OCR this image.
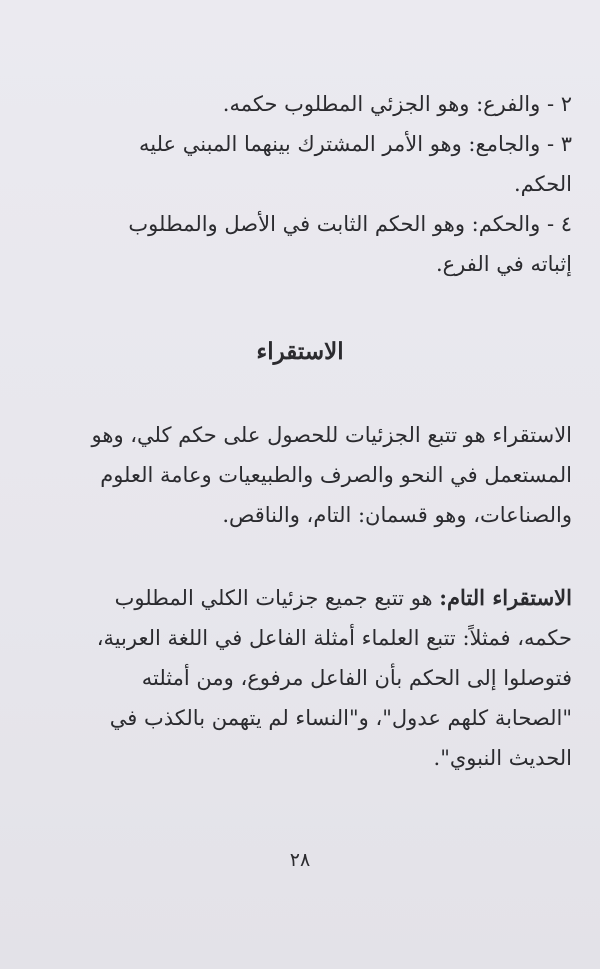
٢ - والفرع: وهو الجزئي المطلوب حكمه.
٣ - والجامع: وهو الأمر المشترك بينهما المبني عليه
الحكم.
٤ - والحكم: وهو الحكم الثابت في الأصل والمطلوب
إثباته في الفرع.
الاستقراء
الاستقراء هو تتبع الجزئيات للحصول على حكم كلي، وهو
المستعمل في النحو والصرف والطبيعيات وعامة العلوم
والصناعات، وهو قسمان: التام، والناقص.
الاستقراء التام: هو تتبع جميع جزئيات الكلي المطلوب
حكمه، فمثلاً: تتبع العلماء أمثلة الفاعل في اللغة العربية،
فتوصلوا إلى الحكم بأن الفاعل مرفوع، ومن أمثلته
"الصحابة كلهم عدول"، و"النساء لم يتهمن بالكذب في
الحديث النبوي".
٢٨
